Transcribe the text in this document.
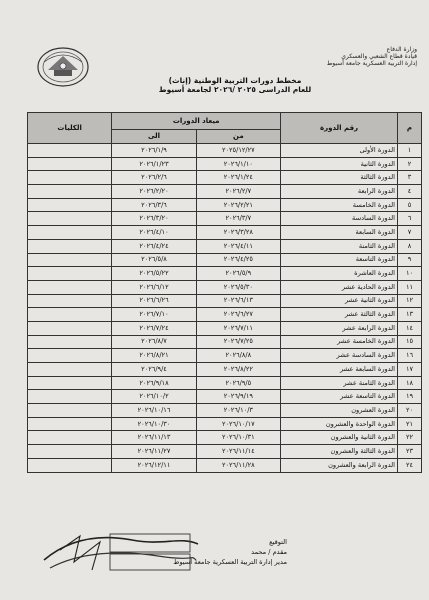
وزارة الدفاع
قيادة قطاع الشعبي والعسكري
إدارة التربية العسكرية جامعة أسيوط
مخطط دورات التربية الوطنية (إناث)
للعام الدراسى ٢٠٢٥ /٢٠٢٦ لجامعة أسيوط
م	رقم الدورة	ميعاد الدورات		الكليات
		من	الى	
١	الدورة الأولى	٢٠٢٥/١٢/٢٧	٢٠٢٦/١/٩	
٢	الدورة الثانية	٢٠٢٦/١/١٠	٢٠٢٦/١/٢٣	
٣	الدورة الثالثة	٢٠٢٦/١/٢٤	٢٠٢٦/٢/٦	
٤	الدورة الرابعة	٢٠٢٦/٢/٧	٢٠٢٦/٢/٢٠	
٥	الدورة الخامسة	٢٠٢٦/٢/٢١	٢٠٢٦/٣/٦	
٦	الدورة السادسة	٢٠٢٦/٣/٧	٢٠٢٦/٣/٢٠	
٧	الدورة السابعة	٢٠٢٦/٣/٢٨	٢٠٢٦/٤/١٠	
٨	الدورة الثامنة	٢٠٢٦/٤/١١	٢٠٢٦/٤/٢٤	
٩	الدورة التاسعة	٢٠٢٦/٤/٢٥	٢٠٢٦/٥/٨	
١٠	الدورة العاشرة	٢٠٢٦/٥/٩	٢٠٢٦/٥/٢٢	
١١	الدورة الحادية عشر	٢٠٢٦/٥/٣٠	٢٠٢٦/٦/١٢	
١٢	الدورة الثانية عشر	٢٠٢٦/٦/١٣	٢٠٢٦/٦/٢٦	
١٣	الدورة الثالثة عشر	٢٠٢٦/٦/٢٧	٢٠٢٦/٧/١٠	
١٤	الدورة الرابعة عشر	٢٠٢٦/٧/١١	٢٠٢٦/٧/٢٤	
١٥	الدورة الخامسة عشر	٢٠٢٦/٧/٢٥	٢٠٢٦/٨/٧	
١٦	الدورة السادسة عشر	٢٠٢٦/٨/٨	٢٠٢٦/٨/٢١	
١٧	الدورة السابعة عشر	٢٠٢٦/٨/٢٢	٢٠٢٦/٩/٤	
١٨	الدورة الثامنة عشر	٢٠٢٦/٩/٥	٢٠٢٦/٩/١٨	
١٩	الدورة التاسعة عشر	٢٠٢٦/٩/١٩	٢٠٢٦/١٠/٢	
٢٠	الدورة العشرون	٢٠٢٦/١٠/٣	٢٠٢٦/١٠/١٦	
٢١	الدورة الواحدة والعشرون	٢٠٢٦/١٠/١٧	٢٠٢٦/١٠/٣٠	
٢٢	الدورة الثانية والعشرون	٢٠٢٦/١٠/٣١	٢٠٢٦/١١/١٣	
٢٣	الدورة الثالثة والعشرون	٢٠٢٦/١١/١٤	٢٠٢٦/١١/٢٧	
٢٤	الدورة الرابعة والعشرون	٢٠٢٦/١١/٢٨	٢٠٢٦/١٢/١١	
التوقيع
مقدم / محمد
مدير إدارة التربية العسكرية جامعة أسيوط
